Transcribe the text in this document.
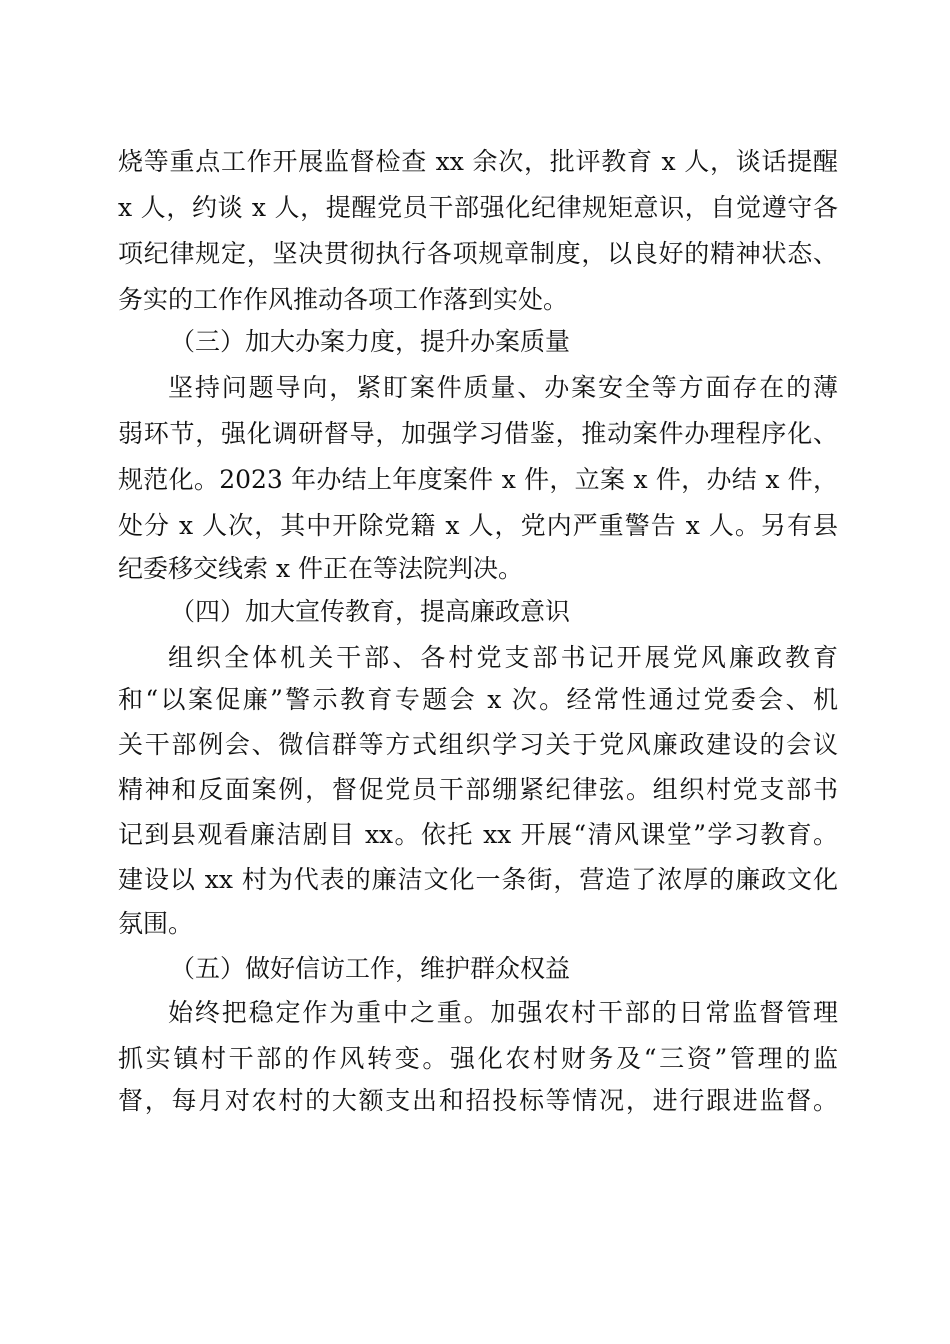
烧等重点工作开展监督检查 xx 余次，批评教育 x 人，谈话提醒
x 人，约谈 x 人，提醒党员干部强化纪律规矩意识，自觉遵守各
项纪律规定，坚决贯彻执行各项规章制度，以良好的精神状态、
务实的工作作风推动各项工作落到实处。
（三）加大办案力度，提升办案质量
坚持问题导向，紧盯案件质量、办案安全等方面存在的薄
弱环节，强化调研督导，加强学习借鉴，推动案件办理程序化、
规范化。2023 年办结上年度案件 x 件，立案 x 件，办结 x 件，
处分 x 人次，其中开除党籍 x 人，党内严重警告 x 人。另有县
纪委移交线索 x 件正在等法院判决。
（四）加大宣传教育，提高廉政意识
组织全体机关干部、各村党支部书记开展党风廉政教育
和“以案促廉”警示教育专题会 x 次。经常性通过党委会、机
关干部例会、微信群等方式组织学习关于党风廉政建设的会议
精神和反面案例，督促党员干部绷紧纪律弦。组织村党支部书
记到县观看廉洁剧目 xx。依托 xx 开展“清风课堂”学习教育。
建设以 xx 村为代表的廉洁文化一条街，营造了浓厚的廉政文化
氛围。
（五）做好信访工作，维护群众权益
始终把稳定作为重中之重。加强农村干部的日常监督管理
抓实镇村干部的作风转变。强化农村财务及“三资”管理的监
督，每月对农村的大额支出和招投标等情况，进行跟进监督。
